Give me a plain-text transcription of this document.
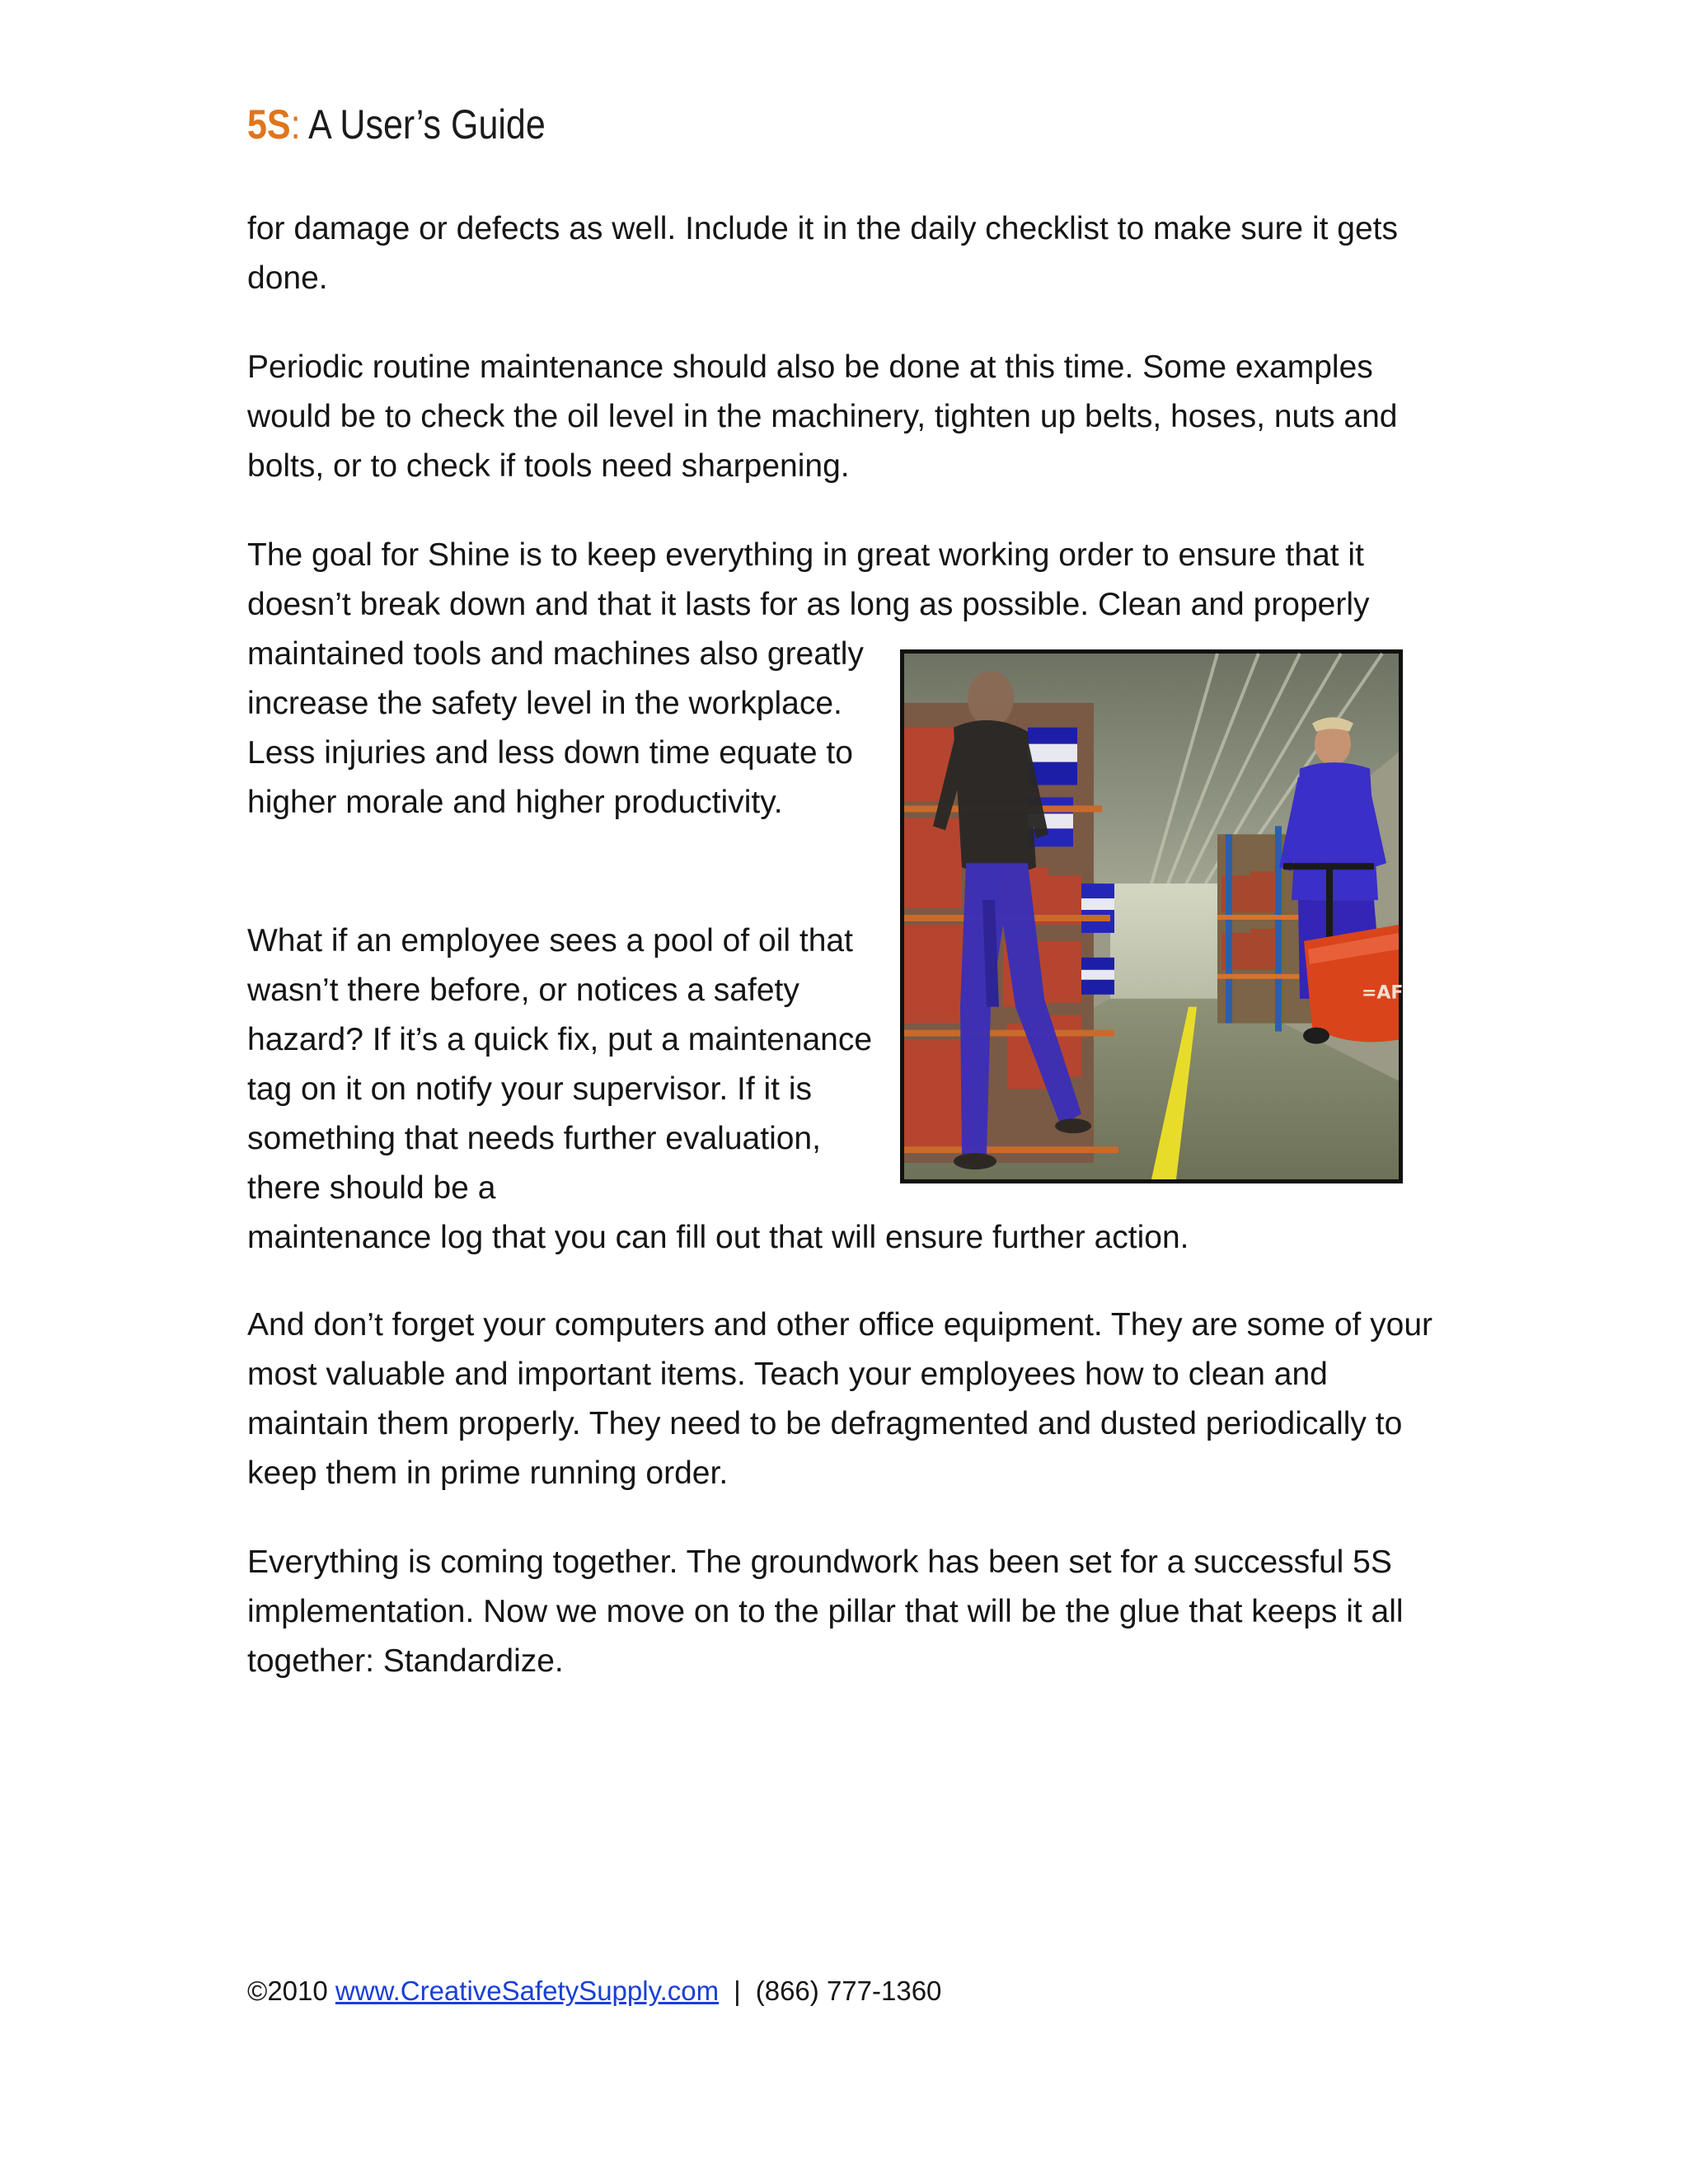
5S: A User’s Guide

for damage or defects as well. Include it in the daily checklist to make sure it gets done.

Periodic routine maintenance should also be done at this time. Some examples would be to check the oil level in the machinery, tighten up belts, hoses, nuts and bolts, or to check if tools need sharpening.

The goal for Shine is to keep everything in great working order to ensure that it

doesn’t break down and that it lasts for as long as possible. Clean and properly

maintained tools and machines also greatly increase the safety level in the workplace. Less injuries and less down time equate to higher morale and higher productivity.

What if an employee sees a pool of oil that wasn’t there before, or notices a safety hazard? If it’s a quick fix, put a maintenance tag on it on notify your supervisor. If it is something that needs further evaluation, there should be a

maintenance log that you can fill out that will ensure further action.

And don’t forget your computers and other office equipment. They are some of your most valuable and important items. Teach your employees how to clean and maintain them properly. They need to be defragmented and dusted periodically to keep them in prime running order.

Everything is coming together. The groundwork has been set for a successful 5S implementation. Now we move on to the pillar that will be the glue that keeps it all together: Standardize.

=AF
©2010 www.CreativeSafetySupply.com | (866) 777-1360
